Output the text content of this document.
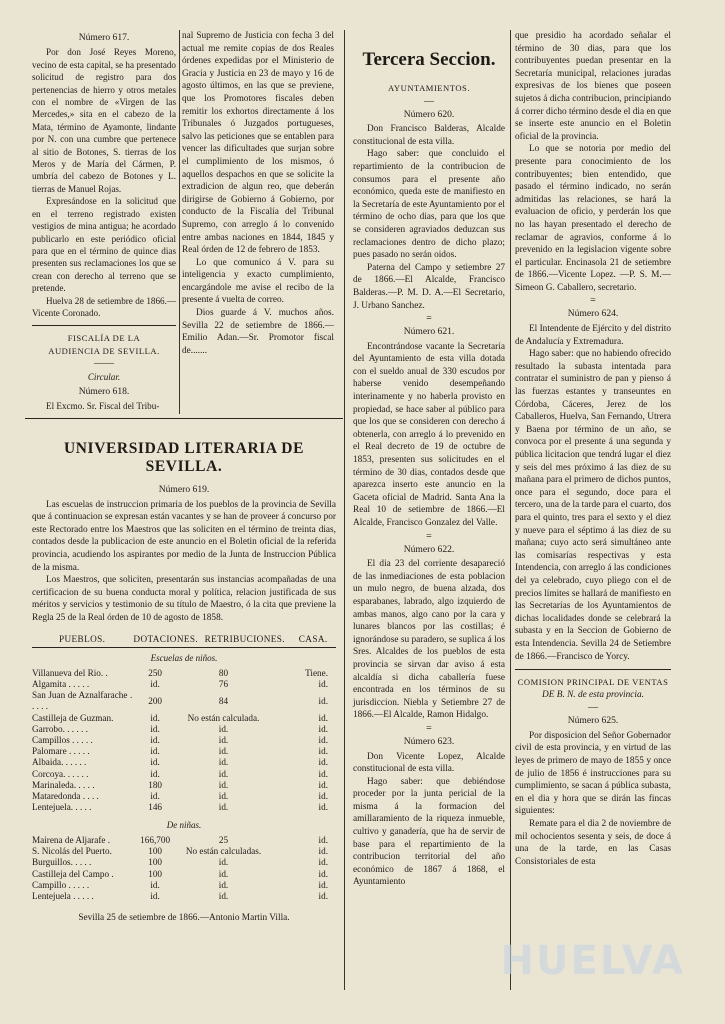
Número 617.

Por don José Reyes Moreno, vecino de esta capital, se ha presentado solicitud de registro para dos pertenencias de hierro y otros metales con el nombre de «Virgen de las Mercedes,» sita en el cabezo de la Mata, término de Ayamonte, lindante por N. con una cumbre que pertenece al sitio de Botones, S. tierras de los Meros y de María del Cármen, P. umbría del cabezo de Botones y L. tierras de Manuel Rojas.

Expresándose en la solicitud que en el terreno registrado existen vestigios de mina antigua; he acordado publicarlo en este periódico oficial para que en el término de quince dias presenten sus reclamaciones los que se crean con derecho al terreno que se pretende.

Huelva 28 de setiembre de 1866.—Vicente Coronado.

FISCALÍA DE LA
AUDIENCIA DE SEVILLA.
——
Circular.
Número 618.

El Excmo. Sr. Fiscal del Tribu-

nal Supremo de Justicia con fecha 3 del actual me remite copias de dos Reales órdenes expedidas por el Ministerio de Gracia y Justicia en 23 de mayo y 16 de agosto últimos, en las que se previene, que los Promotores fiscales deben remitir los exhortos directamente á los Tribunales ó Juzgados portugueses, salvo las peticiones que se entablen para vencer las dificultades que surjan sobre el cumplimiento de los mismos, ó aquellos despachos en que se solicite la extradicion de algun reo, que deberán dirigirse de Gobierno á Gobierno, por conducto de la Fiscalía del Tribunal Supremo, con arreglo á lo convenido entre ambas naciones en 1844, 1845 y Real órden de 12 de febrero de 1853.

Lo que comunico á V. para su inteligencia y exacto cumplimiento, encargándole me avise el recibo de la presente á vuelta de correo.

Dios guarde á V. muchos años. Sevilla 22 de setiembre de 1866.—Emilio Adan.—Sr. Promotor fiscal de.......

UNIVERSIDAD LITERARIA DE SEVILLA.
Número 619.

Las escuelas de instruccion primaria de los pueblos de la provincia de Sevilla que á continuacion se expresan están vacantes y se han de proveer á concurso por este Rectorado entre los Maestros que las soliciten en el término de treinta dias, contados desde la publicacion de este anuncio en el Boletin oficial de la referida provincia, acudiendo los aspirantes por medio de la Junta de Instruccion Pública de la misma.

Los Maestros, que soliciten, presentarán sus instancias acompañadas de una certificacion de su buena conducta moral y política, relacion justificada de sus méritos y servicios y testimonio de su título de Maestro, ó la cita que previene la Regla 25 de la Real órden de 10 de agosto de 1858.

PUEBLOS.	DOTACIONES. RETRIBUCIONES.	CASA.
Escuelas de niños.
Villanueva del Rio. .	250	80	Tiene.
Algamita . . . . .	id.	76	id.
San Juan de Aznalfarache . . . . .	200	84	id.
Castilleja de Guzman.	id.	No están calculada.	id.
Garrobo. . . . . .	id.	id.	id.
Campillos . . . . .	id.	id.	id.
Palomare . . . . .	id.	id.	id.
Albaida. . . . . .	id.	id.	id.
Corcoya. . . . . .	id.	id.	id.
Marinaleda. . . . .	180	id.	id.
Mataredonda . . . .	id.	id.	id.
Lentejuela. . . . .	146	id.	id.
De niñas.
Mairena de Aljarafe .	166,700	25	id.
S. Nicolás del Puerto.	100	No están calculadas.	id.
Burguillos. . . . .	100	id.	id.
Castilleja del Campo .	100	id.	id.
Campillo . . . . .	id.	id.	id.
Lentejuela . . . . .	id.	id.	id.

Sevilla 25 de setiembre de 1866.—Antonio Martin Villa.

Tercera Seccion.
AYUNTAMIENTOS.
—
Número 620.

Don Francisco Balderas, Alcalde constitucional de esta villa.

Hago saber: que concluido el repartimiento de la contribucion de consumos para el presente año económico, queda este de manifiesto en la Secretaría de este Ayuntamiento por el término de ocho dias, para que los que se consideren agraviados deduzcan sus reclamaciones dentro de dicho plazo; pues pasado no serán oidos.

Paterna del Campo y setiembre 27 de 1866.—El Alcalde, Francisco Balderas.—P. M. D. A.—El Secretario, J. Urbano Sanchez.

=
Número 621.

Encontrándose vacante la Secretaría del Ayuntamiento de esta villa dotada con el sueldo anual de 330 escudos por haberse venido desempeñando interinamente y no haberla provisto en propiedad, se hace saber al público para que los que se consideren con derecho á obtenerla, con arreglo á lo prevenido en el Real decreto de 19 de octubre de 1853, presenten sus solicitudes en el término de 30 dias, contados desde que aparezca inserto este anuncio en la Gaceta oficial de Madrid. Santa Ana la Real 10 de setiembre de 1866.—El Alcalde, Francisco Gonzalez del Valle.

=
Número 622.

El dia 23 del corriente desapareció de las inmediaciones de esta poblacion un mulo negro, de buena alzada, dos esparabanes, labrado, algo izquierdo de ambas manos, algo cano por la cara y lunares blancos por las costillas; é ignorándose su paradero, se suplica á los Sres. Alcaldes de los pueblos de esta provincia se sirvan dar aviso á esta alcaldía si dicha caballería fuese encontrada en los términos de su jurisdiccion. Niebla y Setiembre 27 de 1866.—El Alcalde, Ramon Hidalgo.

=
Número 623.

Don Vicente Lopez, Alcalde constitucional de esta villa.

Hago saber: que debiéndose proceder por la junta pericial de la misma á la formacion del amillaramiento de la riqueza inmueble, cultivo y ganadería, que ha de servir de base para el repartimiento de la contribucion territorial del año económico de 1867 á 1868, el Ayuntamiento

que presidio ha acordado señalar el término de 30 dias, para que los contribuyentes puedan presentar en la Secretaría municipal, relaciones juradas expresivas de los bienes que poseen sujetos á dicha contribucion, principiando á correr dicho término desde el dia en que se inserte este anuncio en el Boletin oficial de la provincia.

Lo que se notoria por medio del presente para conocimiento de los contribuyentes; bien entendido, que pasado el término indicado, no serán admitidas las relaciones, se hará la evaluacion de oficio, y perderán los que no las hayan presentado el derecho de reclamar de agravios, conforme á lo prevenido en la legislacion vigente sobre el particular. Encinasola 21 de setiembre de 1866.—Vicente Lopez. —P. S. M.—Simeon G. Caballero, secretario.

=
Número 624.

El Intendente de Ejército y del distrito de Andalucía y Extremadura.

Hago saber: que no habiendo ofrecido resultado la subasta intentada para contratar el suministro de pan y pienso á las fuerzas estantes y transeuntes en Córdoba, Cáceres, Jerez de los Caballeros, Huelva, San Fernando, Utrera y Baena por término de un año, se convoca por el presente á una segunda y pública licitacion que tendrá lugar el diez y seis del mes próximo á las diez de su mañana para el primero de dichos puntos, once para el segundo, doce para el tercero, una de la tarde para el cuarto, dos para el quinto, tres para el sexto y el diez y nueve para el séptimo á las diez de su mañana; cuyo acto será simultáneo ante las comisarías respectivas y esta Intendencia, con arreglo á las condiciones del ya celebrado, cuyo pliego con el de precios límites se hallará de manifiesto en las Secretarías de los Ayuntamientos de dichas localidades donde se celebrará la subasta y en la Seccion de Gobierno de esta Intendencia. Sevilla 24 de Setiembre de 1866.—Francisco de Yorcy.

COMISION PRINCIPAL DE VENTAS
DE B. N. de esta provincia.
—
Número 625.

Por disposicion del Señor Gobernador civil de esta provincia, y en virtud de las leyes de primero de mayo de 1855 y once de julio de 1856 é instrucciones para su cumplimiento, se sacan á pública subasta, en el dia y hora que se dirán las fincas siguientes:

Remate para el dia 2 de noviembre de mil ochocientos sesenta y seis, de doce á una de la tarde, en las Casas Consistoriales de esta

HUELVA
